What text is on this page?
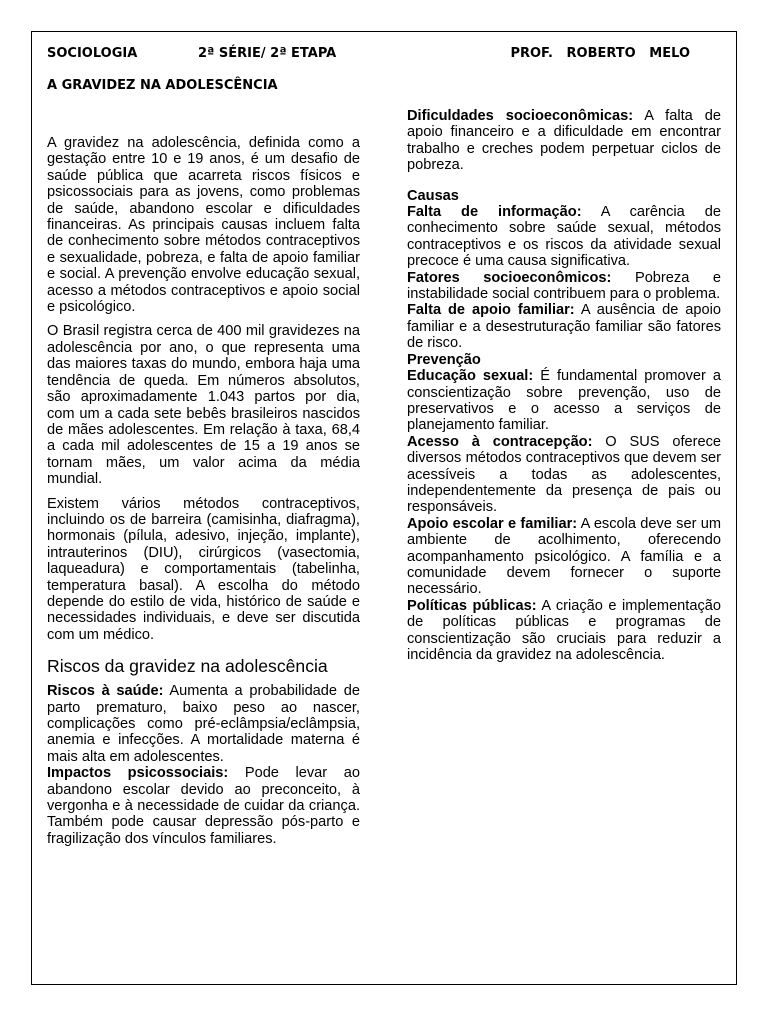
SOCIOLOGIA	2ª SÉRIE/ 2ª ETAPA	PROF.   ROBERTO   MELO
A GRAVIDEZ NA ADOLESCÊNCIA

A gravidez na adolescência, definida como a gestação entre 10 e 19 anos, é um desafio de saúde pública que acarreta riscos físicos e psicossociais para as jovens, como problemas de saúde, abandono escolar e dificuldades financeiras. As principais causas incluem falta de conhecimento sobre métodos contraceptivos e sexualidade, pobreza, e falta de apoio familiar e social. A prevenção envolve educação sexual, acesso a métodos contraceptivos e apoio social e psicológico.

O Brasil registra cerca de 400 mil gravidezes na adolescência por ano, o que representa uma das maiores taxas do mundo, embora haja uma tendência de queda. Em números absolutos, são aproximadamente 1.043 partos por dia, com um a cada sete bebês brasileiros nascidos de mães adolescentes. Em relação à taxa, 68,4 a cada mil adolescentes de 15 a 19 anos se tornam mães, um valor acima da média mundial.

Existem vários métodos contraceptivos, incluindo os de barreira (camisinha, diafragma), hormonais (pílula, adesivo, injeção, implante), intrauterinos (DIU), cirúrgicos (vasectomia, laqueadura) e comportamentais (tabelinha, temperatura basal). A escolha do método depende do estilo de vida, histórico de saúde e necessidades individuais, e deve ser discutida com um médico.

Riscos da gravidez na adolescência

Riscos à saúde: Aumenta a probabilidade de parto prematuro, baixo peso ao nascer, complicações como pré-eclâmpsia/eclâmpsia, anemia e infecções. A mortalidade materna é mais alta em adolescentes.

Impactos psicossociais: Pode levar ao abandono escolar devido ao preconceito, à vergonha e à necessidade de cuidar da criança. Também pode causar depressão pós-parto e fragilização dos vínculos familiares.

Dificuldades socioeconômicas: A falta de apoio financeiro e a dificuldade em encontrar trabalho e creches podem perpetuar ciclos de pobreza.

Causas

Falta de informação: A carência de conhecimento sobre saúde sexual, métodos contraceptivos e os riscos da atividade sexual precoce é uma causa significativa.

Fatores socioeconômicos: Pobreza e instabilidade social contribuem para o problema.

Falta de apoio familiar: A ausência de apoio familiar e a desestruturação familiar são fatores de risco.

Prevenção

Educação sexual: É fundamental promover a conscientização sobre prevenção, uso de preservativos e o acesso a serviços de planejamento familiar.

Acesso à contracepção: O SUS oferece diversos métodos contraceptivos que devem ser acessíveis a todas as adolescentes, independentemente da presença de pais ou responsáveis.

Apoio escolar e familiar: A escola deve ser um ambiente de acolhimento, oferecendo acompanhamento psicológico. A família e a comunidade devem fornecer o suporte necessário.

Políticas públicas: A criação e implementação de políticas públicas e programas de conscientização são cruciais para reduzir a incidência da gravidez na adolescência.
